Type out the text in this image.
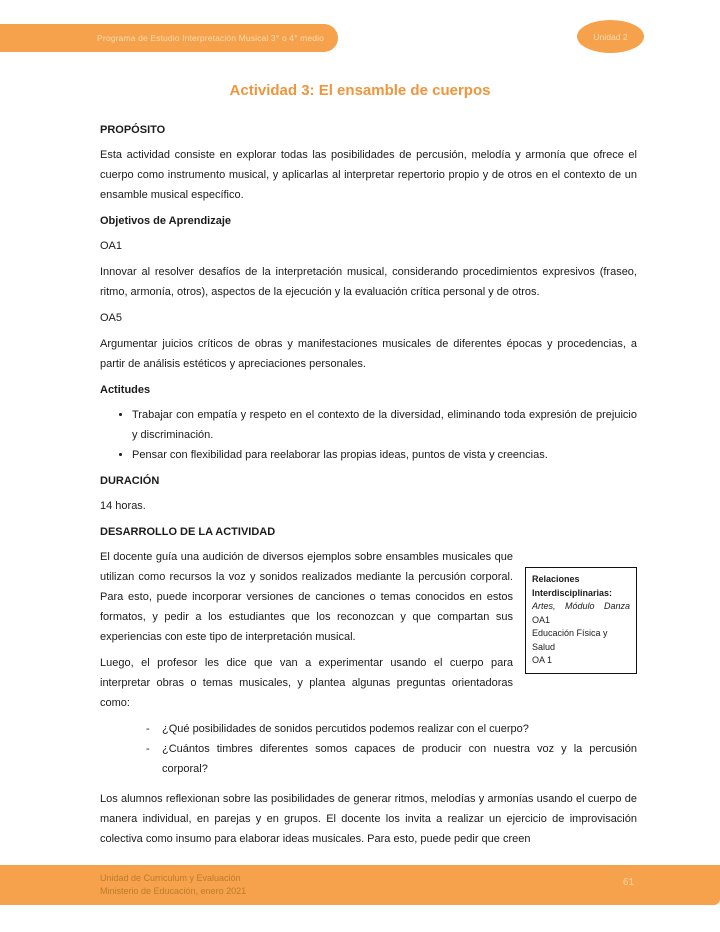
Programa de Estudio Interpretación Musical 3° o 4° medio	Unidad 2
Actividad 3: El ensamble de cuerpos
PROPÓSITO

Esta actividad consiste en explorar todas las posibilidades de percusión, melodía y armonía que ofrece el cuerpo como instrumento musical, y aplicarlas al interpretar repertorio propio y de otros en el contexto de un ensamble musical específico.

Objetivos de Aprendizaje

OA1

Innovar al resolver desafíos de la interpretación musical, considerando procedimientos expresivos (fraseo, ritmo, armonía, otros), aspectos de la ejecución y la evaluación crítica personal y de otros.

OA5

Argumentar juicios críticos de obras y manifestaciones musicales de diferentes épocas y procedencias, a partir de análisis estéticos y apreciaciones personales.

Actitudes
• Trabajar con empatía y respeto en el contexto de la diversidad, eliminando toda expresión de prejuicio y discriminación.
• Pensar con flexibilidad para reelaborar las propias ideas, puntos de vista y creencias.
DURACIÓN

14 horas.

DESARROLLO DE LA ACTIVIDAD
Relaciones Interdisciplinarias:
Artes, Módulo Danza
OA1
Educación Física y Salud
OA 1

El docente guía una audición de diversos ejemplos sobre ensambles musicales que utilizan como recursos la voz y sonidos realizados mediante la percusión corporal. Para esto, puede incorporar versiones de canciones o temas conocidos en estos formatos, y pedir a los estudiantes que los reconozcan y que compartan sus experiencias con este tipo de interpretación musical.

Luego, el profesor les dice que van a experimentar usando el cuerpo para interpretar obras o temas musicales, y plantea algunas preguntas orientadoras como:

- ¿Qué posibilidades de sonidos percutidos podemos realizar con el cuerpo?
- ¿Cuántos timbres diferentes somos capaces de producir con nuestra voz y la percusión corporal?

Los alumnos reflexionan sobre las posibilidades de generar ritmos, melodías y armonías usando el cuerpo de manera individual, en parejas y en grupos. El docente los invita a realizar un ejercicio de improvisación colectiva como insumo para elaborar ideas musicales. Para esto, puede pedir que creen

Unidad de Curriculum y Evaluación
Ministerio de Educación, enero 2021
61
